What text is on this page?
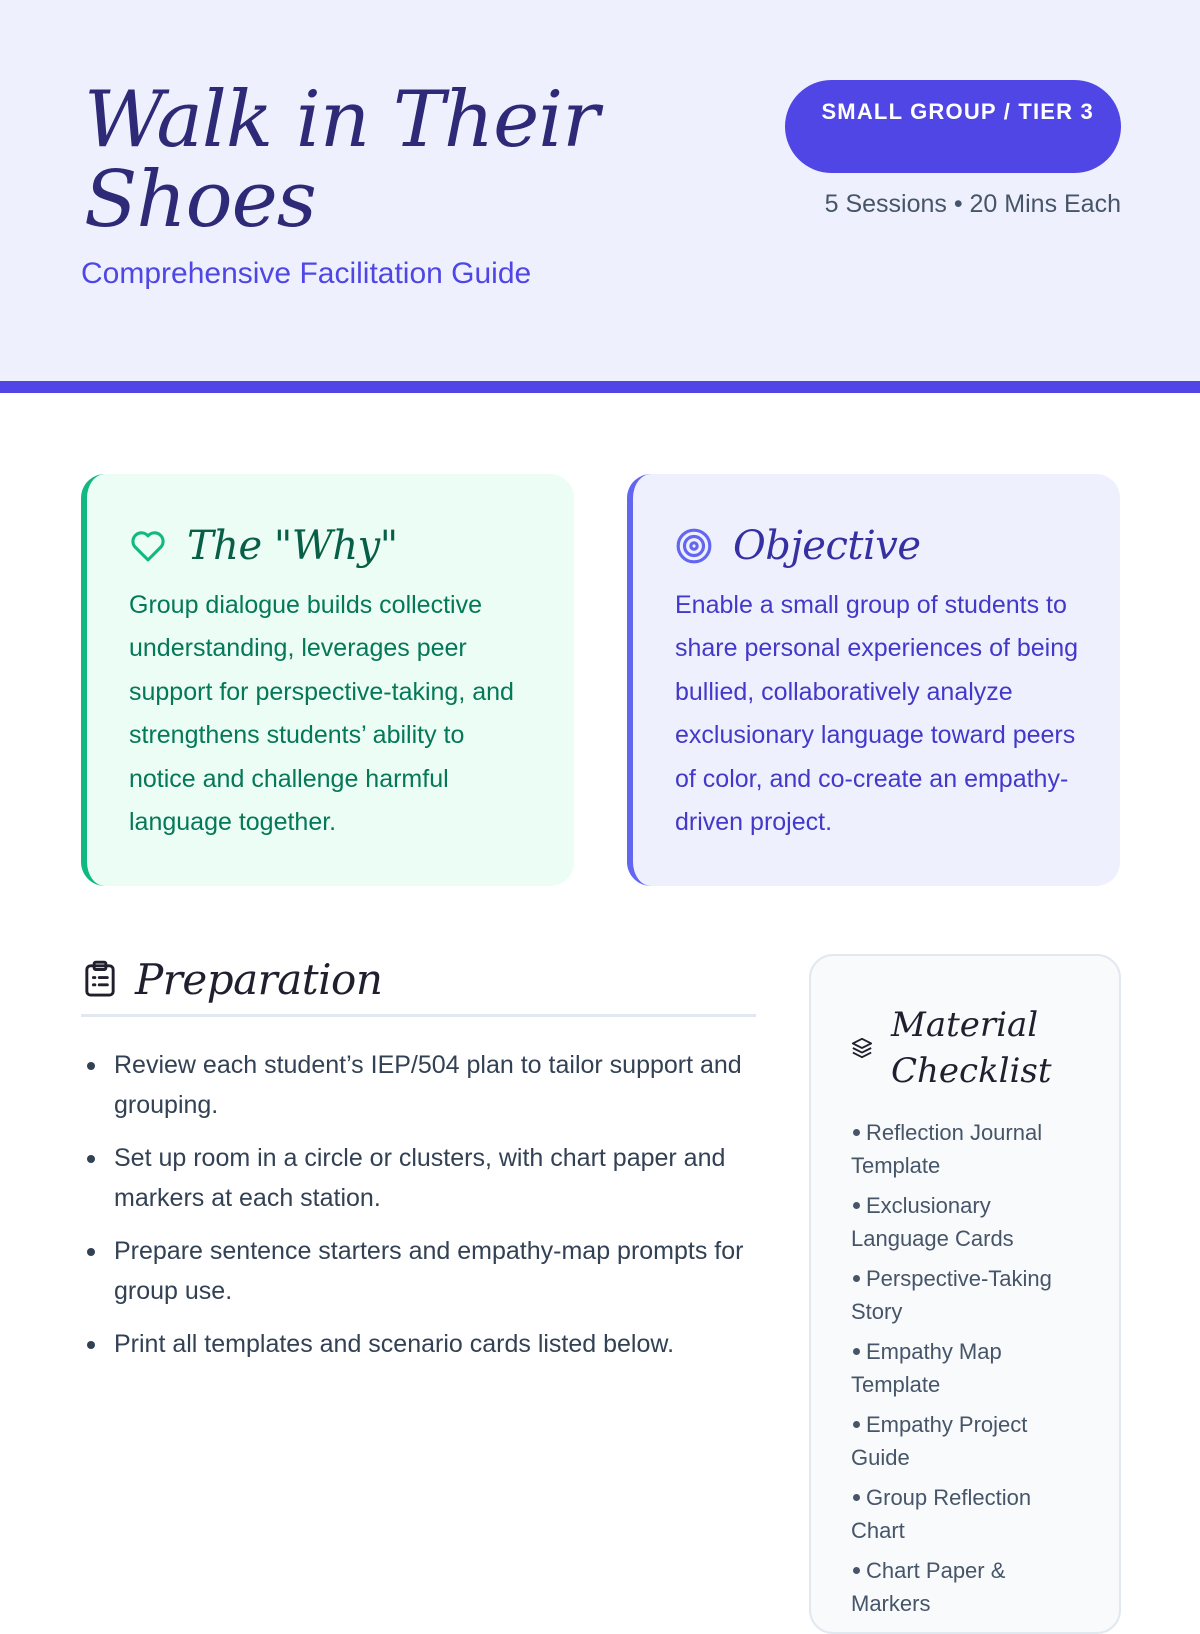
Walk in Their Shoes
Comprehensive Facilitation Guide
SMALL GROUP / TIER 3
5 Sessions • 20 Mins Each
The "Why"

Group dialogue builds collective understanding, leverages peer support for perspective-taking, and strengthens students’ ability to notice and challenge harmful language together.

Objective

Enable a small group of students to share personal experiences of being bullied, collaboratively analyze exclusionary language toward peers of color, and co-create an empathy-driven project.

Preparation
Review each student’s IEP/504 plan to tailor support and grouping.
Set up room in a circle or clusters, with chart paper and markers at each station.
Prepare sentence starters and empathy-map prompts for group use.
Print all templates and scenario cards listed below.
Material Checklist
Reflection Journal Template
Exclusionary Language Cards
Perspective-Taking Story
Empathy Map Template
Empathy Project Guide
Group Reflection Chart
Chart Paper & Markers
